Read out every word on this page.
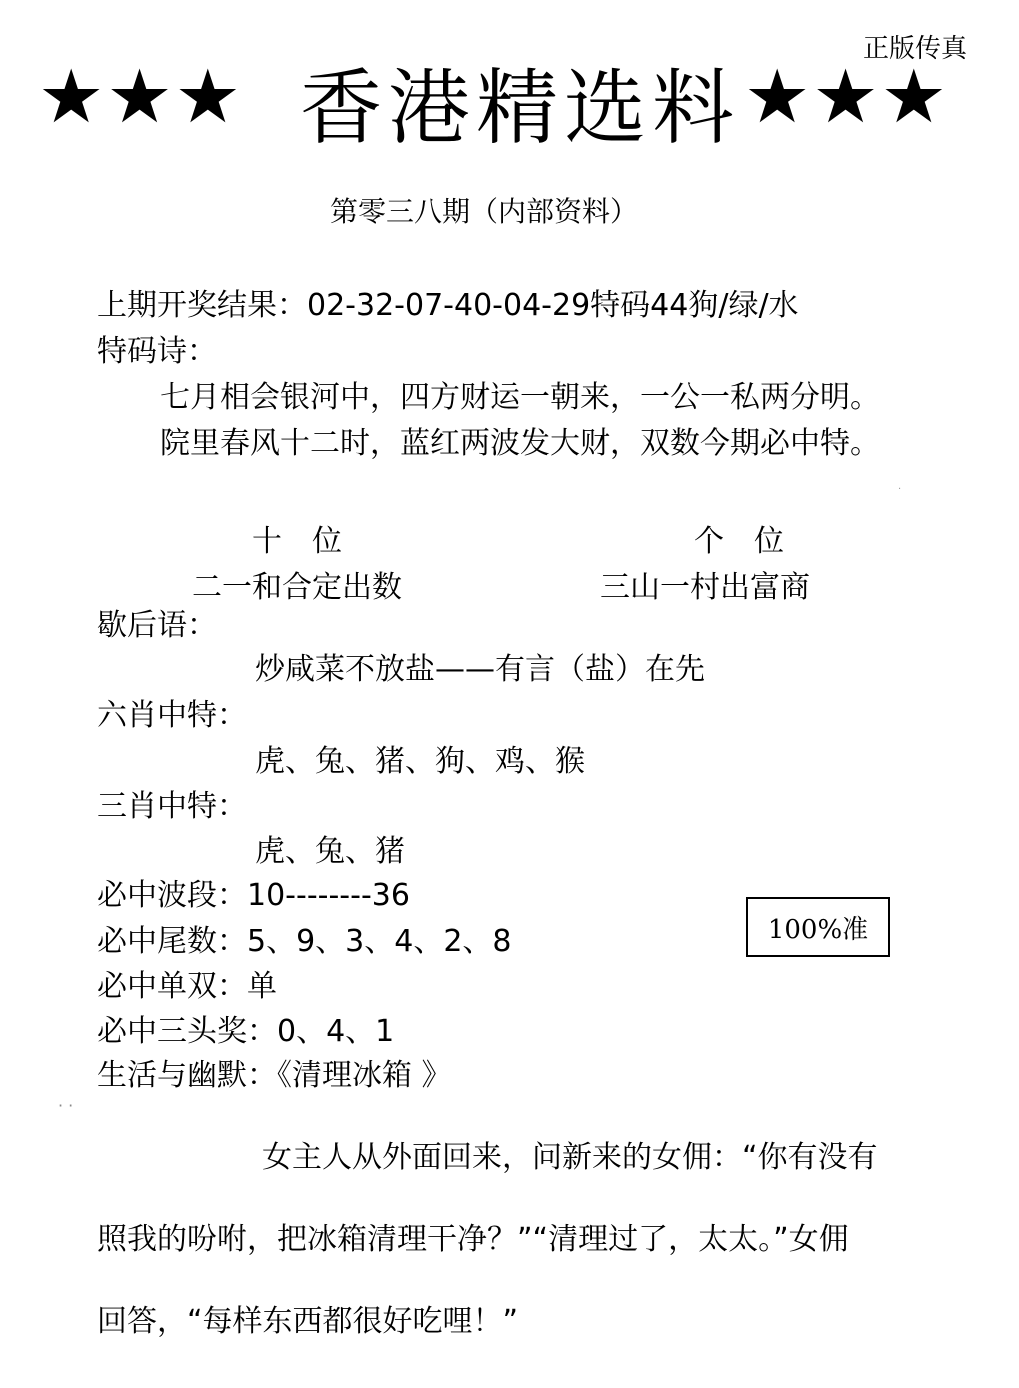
正版传真
★★★ 香港精选料 ★★★
第零三八期（内部资料）
上期开奖结果：02-32-07-40-04-29特码44狗/绿/水
特码诗：
七月相会银河中，四方财运一朝来，一公一私两分明。
院里春风十二时，蓝红两波发大财，双数今期必中特。
·
十位	个位
二一和合定出数	三山一村出富商
歇后语：
炒咸菜不放盐——有言（盐）在先
六肖中特：
虎、兔、猪、狗、鸡、猴
三肖中特：
虎、兔、猪
必中波段：10--------36
必中尾数：5、9、3、4、2、8
必中单双：单
必中三头奖：0、4、1
生活与幽默：《清理冰箱 》
100%准
· ·
女主人从外面回来，问新来的女佣：“你有没有
照我的吩咐，把冰箱清理干净？”“清理过了，太太。”女佣
回答，“每样东西都很好吃哩！”
